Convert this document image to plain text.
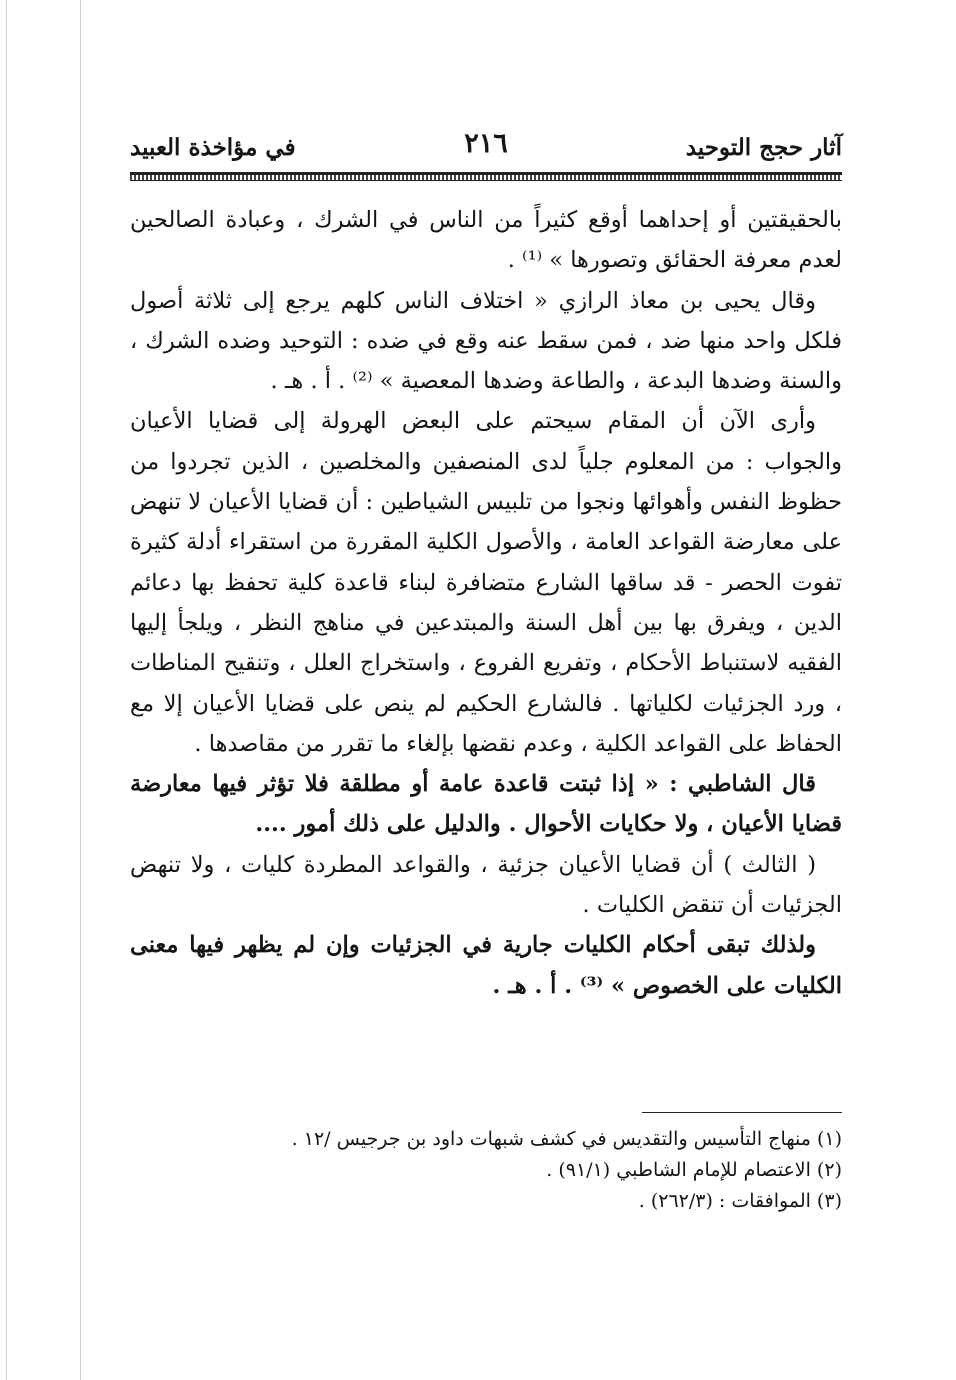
آثار حجج التوحيد
٢١٦
في مؤاخذة العبيد

بالحقيقتين أو إحداهما أوقع كثيراً من الناس في الشرك ، وعبادة الصالحين لعدم معرفة الحقائق وتصورها » ⁽¹⁾ .

وقال يحيى بن معاذ الرازي « اختلاف الناس كلهم يرجع إلى ثلاثة أصول فلكل واحد منها ضد ، فمن سقط عنه وقع في ضده : التوحيد وضده الشرك ، والسنة وضدها البدعة ، والطاعة وضدها المعصية » ⁽²⁾ . أ . هـ .

وأرى الآن أن المقام سيحتم على البعض الهرولة إلى قضايا الأعيان والجواب : من المعلوم جلياً لدى المنصفين والمخلصين ، الذين تجردوا من حظوظ النفس وأهوائها ونجوا من تلبيس الشياطين : أن قضايا الأعيان لا تنهض على معارضة القواعد العامة ، والأصول الكلية المقررة من استقراء أدلة كثيرة تفوت الحصر - قد ساقها الشارع متضافرة لبناء قاعدة كلية تحفظ بها دعائم الدين ، ويفرق بها بين أهل السنة والمبتدعين في مناهج النظر ، ويلجأ إليها الفقيه لاستنباط الأحكام ، وتفريع الفروع ، واستخراج العلل ، وتنقيح المناطات ، ورد الجزئيات لكلياتها . فالشارع الحكيم لم ينص على قضايا الأعيان إلا مع الحفاظ على القواعد الكلية ، وعدم نقضها بإلغاء ما تقرر من مقاصدها .

قال الشاطبي : « إذا ثبتت قاعدة عامة أو مطلقة فلا تؤثر فيها معارضة قضايا الأعيان ، ولا حكايات الأحوال . والدليل على ذلك أمور ....

( الثالث ) أن قضايا الأعيان جزئية ، والقواعد المطردة كليات ، ولا تنهض الجزئيات أن تنقض الكليات .

ولذلك تبقى أحكام الكليات جارية في الجزئيات وإن لم يظهر فيها معنى الكليات على الخصوص » ⁽³⁾ . أ . هـ .

(١) منهاج التأسيس والتقديس في كشف شبهات داود بن جرجيس /١٢ .

(٢) الاعتصام للإمام الشاطبي (٩١/١) .

(٣) الموافقات : (٢٦٢/٣) .
